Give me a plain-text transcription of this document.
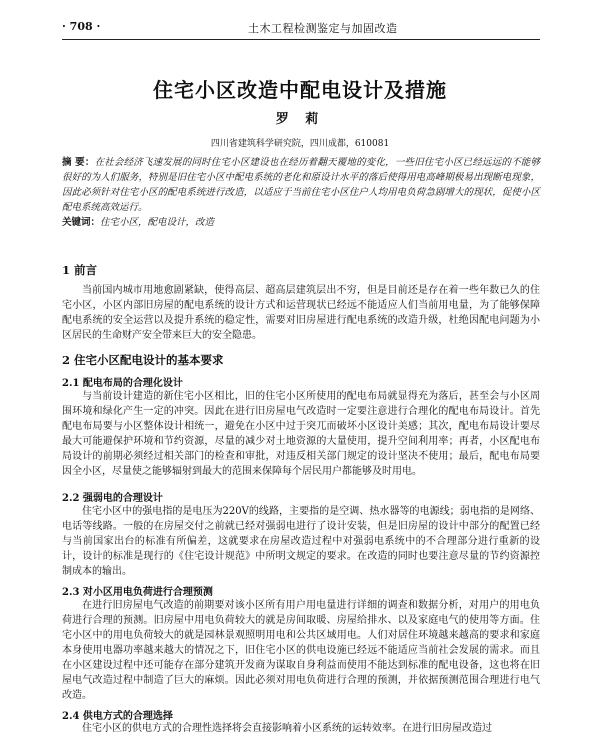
· 708 ·	土木工程检测鉴定与加固改造
住宅小区改造中配电设计及措施
罗 莉
四川省建筑科学研究院，四川成都，610081
摘 要：在社会经济飞速发展的同时住宅小区建设也在经历着翻天覆地的变化，一些旧住宅小区已经远远的不能够很好的为人们服务，特别是旧住宅小区中配电系统的老化和原设计水平的落后使得用电高峰期极易出现断电现象，因此必须针对住宅小区的配电系统进行改造，以适应于当前住宅小区住户人均用电负荷急剧增大的现状，促使小区配电系统高效运行。
关键词：住宅小区，配电设计，改造
1 前言

当前国内城市用地愈剧紧缺，使得高层、超高层建筑层出不穷，但是目前还是存在着一些年数已久的住宅小区，小区内部旧房屋的配电系统的设计方式和运营现状已经远不能适应人们当前用电量，为了能够保障配电系统的安全运营以及提升系统的稳定性，需要对旧房屋进行配电系统的改造升级，杜绝因配电问题为小区居民的生命财产安全带来巨大的安全隐患。

2 住宅小区配电设计的基本要求
2.1 配电布局的合理化设计

与当前设计建造的新住宅小区相比，旧的住宅小区所使用的配电布局就显得充为落后，甚至会与小区周围环境和绿化产生一定的冲突。因此在进行旧房屋电气改造时一定要注意进行合理化的配电布局设计。首先配电布局要与小区整体设计相统一，避免在小区中过于突兀而破坏小区设计美感；其次，配电布局设计要尽最大可能避保护环境和节约资源，尽量的减少对土地资源的大量使用，提升空间利用率；再者，小区配电布局设计的前期必须经过相关部门的检查和审批，对违反相关部门规定的设计坚决不使用；最后，配电布局要因全小区，尽量使之能够辐射到最大的范围来保障每个居民用户都能够及时用电。

2.2 强弱电的合理设计

住宅小区中的强电指的是电压为220V的线路，主要指的是空调、热水器等的电源线；弱电指的是网络、电话等线路。一般的在房屋交付之前就已经对强弱电进行了设计安装，但是旧房屋的设计中部分的配置已经与当前国家出台的标准有所偏差，这就要求在房屋改造过程中对强弱电系统中的不合理部分进行重新的设计，设计的标准是现行的《住宅设计规范》中所明文规定的要求。在改造的同时也要注意尽量的节约资源控制成本的输出。

2.3 对小区用电负荷进行合理预测

在进行旧房屋电气改造的前期要对该小区所有用户用电量进行详细的调查和数据分析，对用户的用电负荷进行合理的预测。旧房屋中用电负荷较大的就是房间取暖、房屋给排水、以及家庭电气的使用等方面。住宅小区中的用电负荷较大的就是园林景观照明用电和公共区域用电。人们对居住环境越来越高的要求和家庭本身使用电器功率越来越大的情况之下，旧住宅小区的供电设施已经远不能适应当前社会发展的需求。而且在小区建设过程中还可能存在部分建筑开发商为谋取自身利益而使用不能达到标准的配电设备，这也将在旧屋电气改造过程中制造了巨大的麻烦。因此必须对用电负荷进行合理的预测，并依据预测范围合理进行电气改造。

2.4 供电方式的合理选择

住宅小区的供电方式的合理性选择将会直接影响着小区系统的运转效率。在进行旧房屋改造过
